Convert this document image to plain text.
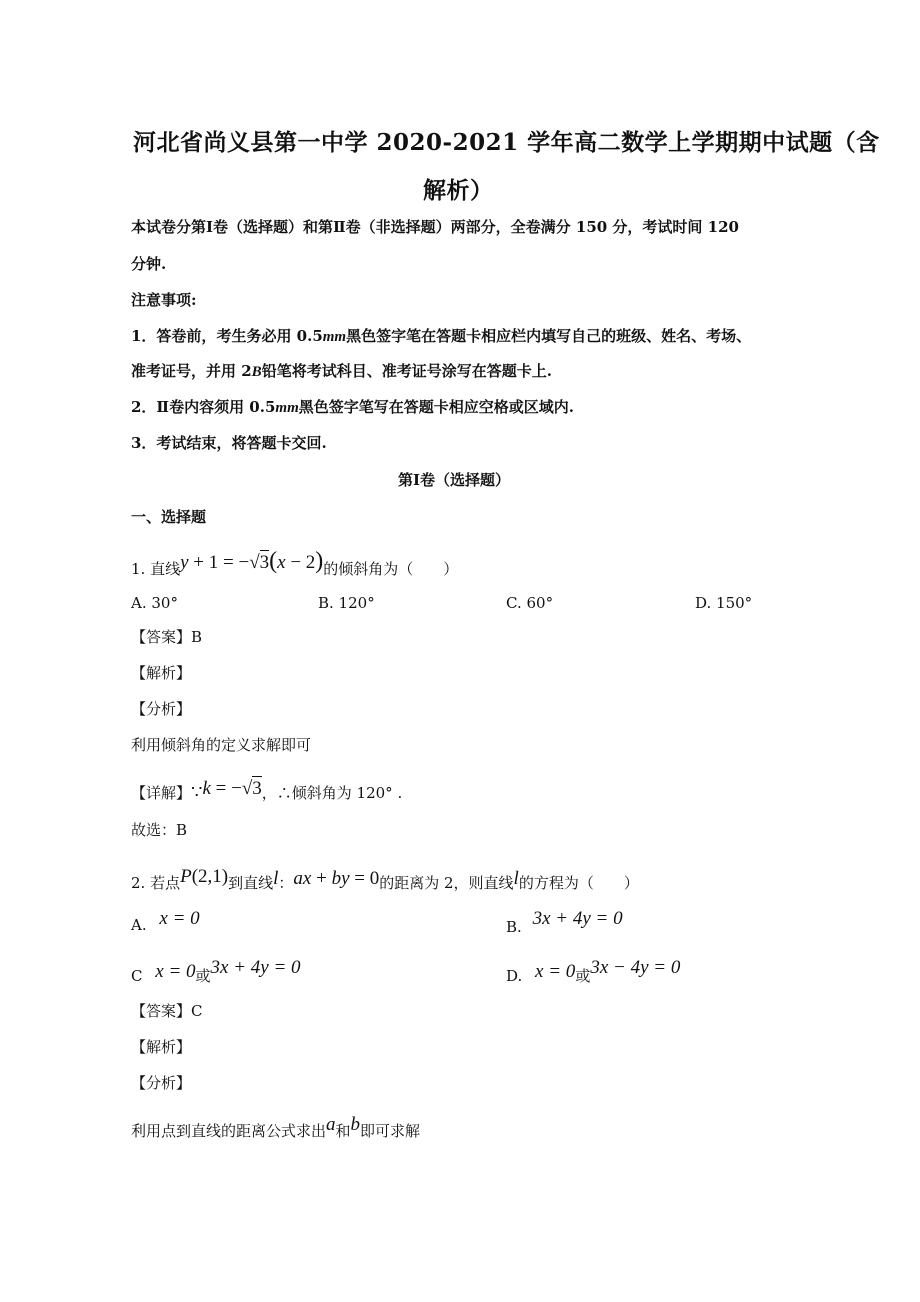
河北省尚义县第一中学 2020-2021 学年高二数学上学期期中试题（含
解析）
本试卷分第Ⅰ卷（选择题）和第Ⅱ卷（非选择题）两部分，全卷满分 150 分，考试时间 120
分钟.
注意事项:
1．答卷前，考生务必用 0.5mm黑色签字笔在答题卡相应栏内填写自己的班级、姓名、考场、
准考证号，并用 2B铅笔将考试科目、准考证号涂写在答题卡上.
2．Ⅱ卷内容须用 0.5mm黑色签字笔写在答题卡相应空格或区域内.
3．考试结束，将答题卡交回.
第Ⅰ卷（选择题）
一、选择题
1. 直线y + 1 = −√3(x − 2)的倾斜角为（　　）
A. 30°	B. 120°	C. 60°	D. 150°
【答案】B
【解析】
【分析】
利用倾斜角的定义求解即可
【详解】∵k = −√3，∴倾斜角为 120° .
故选：B
2. 若点P(2,1)到直线l：ax + by = 0的距离为 2，则直线l的方程为（　　）
A. x = 0	B. 3x + 4y = 0
C x = 0或3x + 4y = 0	D. x = 0或3x − 4y = 0
【答案】C
【解析】
【分析】
利用点到直线的距离公式求出a和b即可求解
